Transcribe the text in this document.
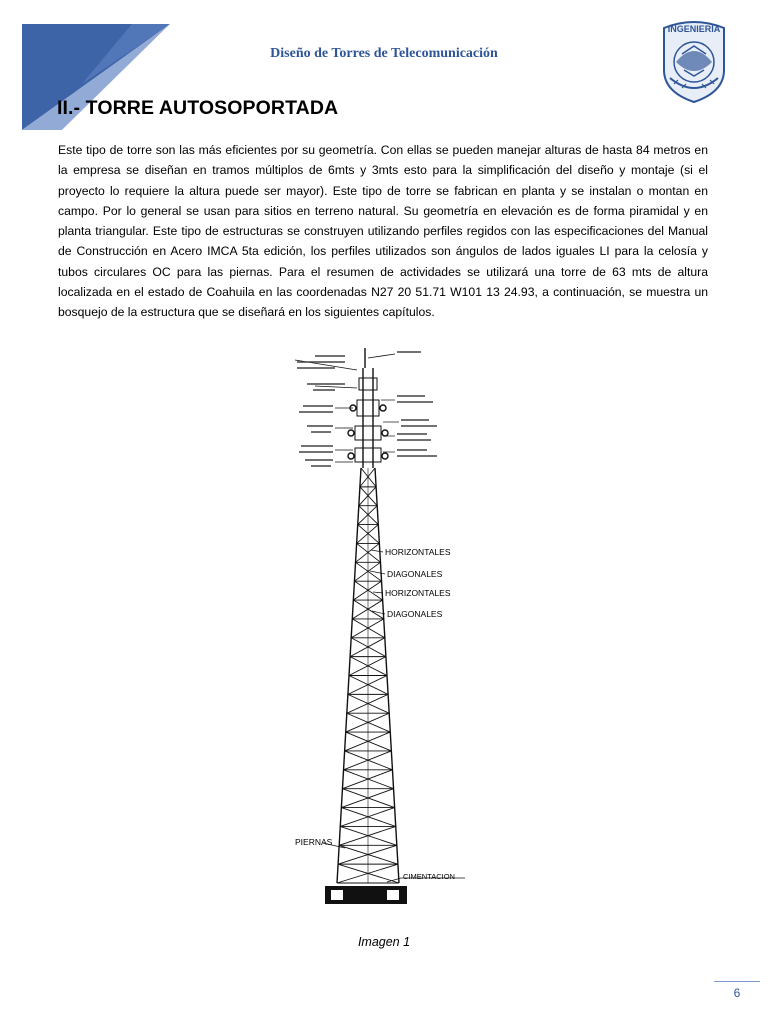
Diseño de Torres de Telecomunicación
INGENIERIA
II.- TORRE AUTOSOPORTADA

Este tipo de torre son las más eficientes por su geometría. Con ellas se pueden manejar alturas de hasta 84 metros en la empresa se diseñan en tramos múltiplos de 6mts y 3mts esto para la simplificación del diseño y montaje (si el proyecto lo requiere la altura puede ser mayor). Este tipo de torre se fabrican en planta y se instalan o montan en campo. Por lo general se usan para sitios en terreno natural. Su geometría en elevación es de forma piramidal y en planta triangular. Este tipo de estructuras se construyen utilizando perfiles regidos con las especificaciones del Manual de Construcción en Acero IMCA 5ta edición, los perfiles utilizados son ángulos de lados iguales LI para la celosía y tubos circulares OC para las piernas. Para el resumen de actividades se utilizará una torre de 63 mts de altura localizada en el estado de Coahuila en las coordenadas N27 20 51.71 W101 13 24.93, a continuación, se muestra un bosquejo de la estructura que se diseñará en los siguientes capítulos.

HORIZONTALES
DIAGONALES
HORIZONTALES
DIAGONALES
PIERNAS
CIMENTACION
Imagen 1
6
